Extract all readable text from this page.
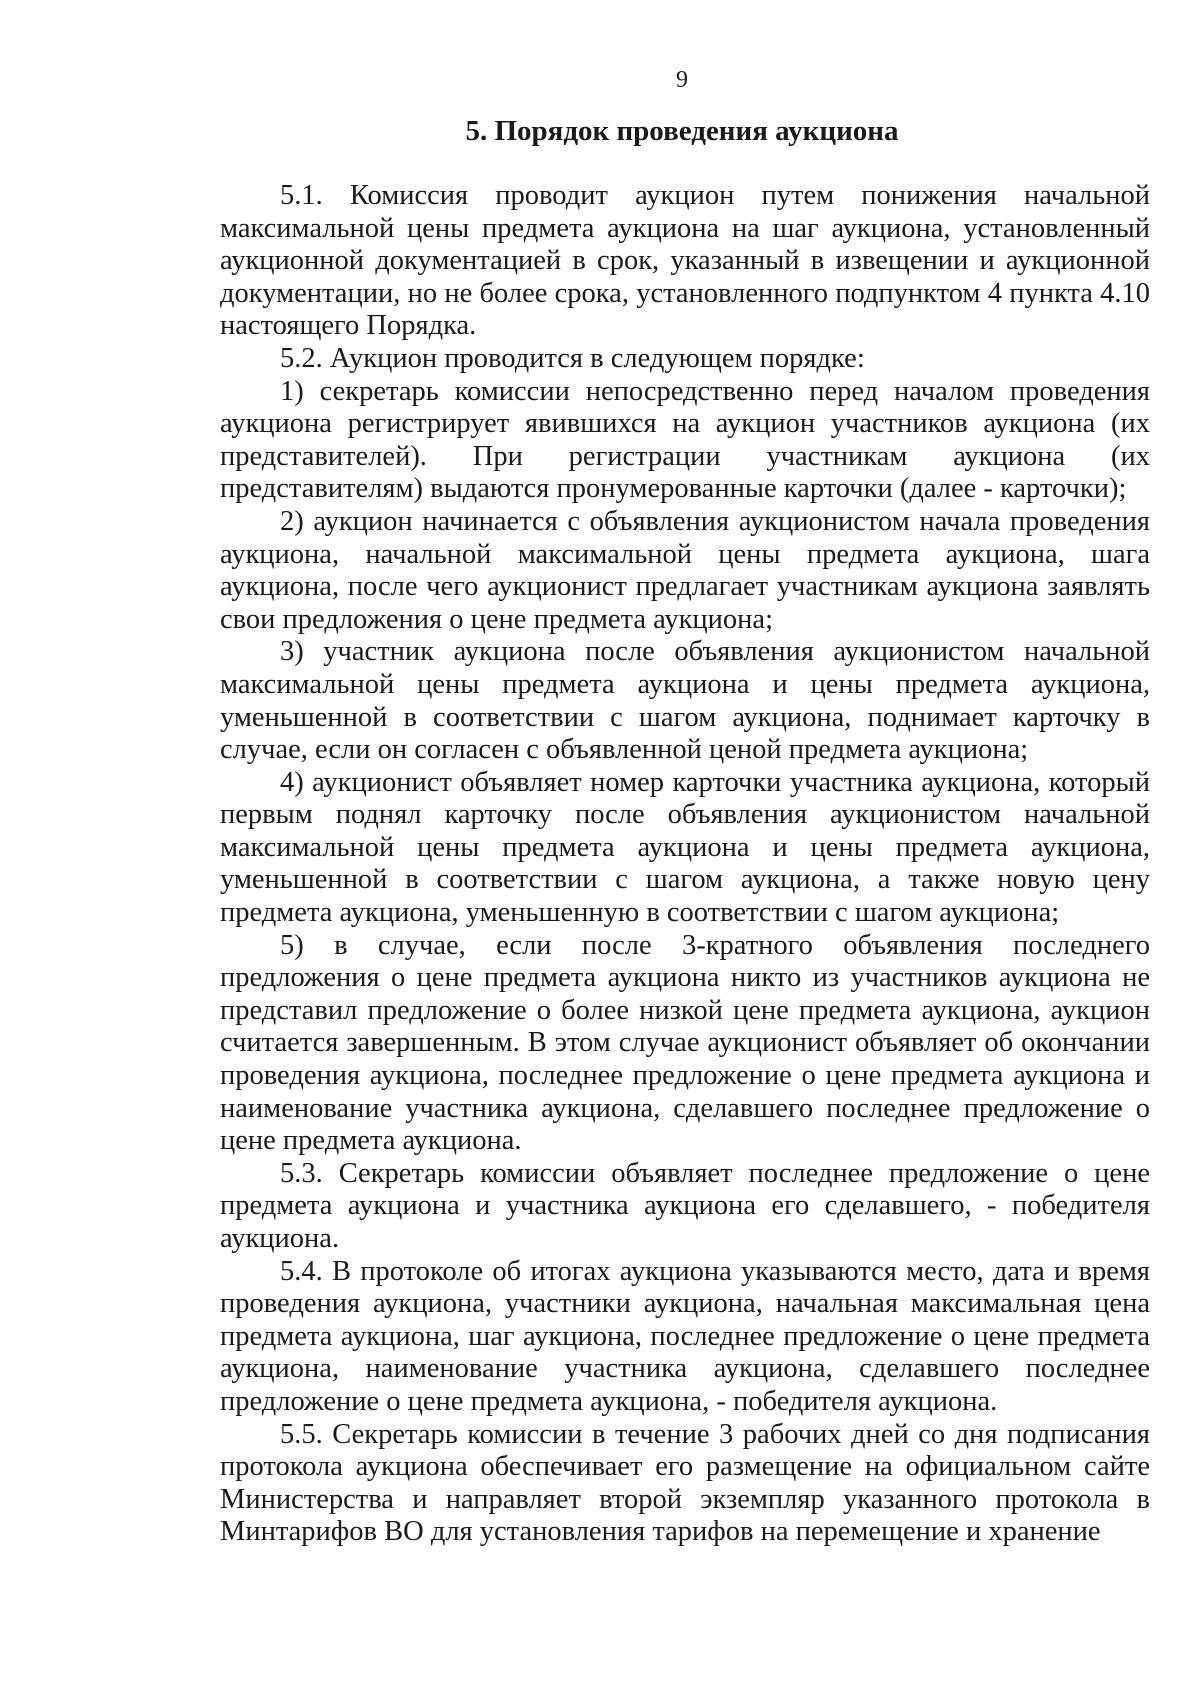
9
5. Порядок проведения аукциона

5.1. Комиссия проводит аукцион путем понижения начальной максимальной цены предмета аукциона на шаг аукциона, установленный аукционной документацией в срок, указанный в извещении и аукционной документации, но не более срока, установленного подпунктом 4 пункта 4.10 настоящего Порядка.

5.2. Аукцион проводится в следующем порядке:

1) секретарь комиссии непосредственно перед началом проведения аукциона регистрирует явившихся на аукцион участников аукциона (их представителей). При регистрации участникам аукциона (их представителям) выдаются пронумерованные карточки (далее - карточки);

2) аукцион начинается с объявления аукционистом начала проведения аукциона, начальной максимальной цены предмета аукциона, шага аукциона, после чего аукционист предлагает участникам аукциона заявлять свои предложения о цене предмета аукциона;

3) участник аукциона после объявления аукционистом начальной максимальной цены предмета аукциона и цены предмета аукциона, уменьшенной в соответствии с шагом аукциона, поднимает карточку в случае, если он согласен с объявленной ценой предмета аукциона;

4) аукционист объявляет номер карточки участника аукциона, который первым поднял карточку после объявления аукционистом начальной максимальной цены предмета аукциона и цены предмета аукциона, уменьшенной в соответствии с шагом аукциона, а также новую цену предмета аукциона, уменьшенную в соответствии с шагом аукциона;

5) в случае, если после 3-кратного объявления последнего предложения о цене предмета аукциона никто из участников аукциона не представил предложение о более низкой цене предмета аукциона, аукцион считается завершенным. В этом случае аукционист объявляет об окончании проведения аукциона, последнее предложение о цене предмета аукциона и наименование участника аукциона, сделавшего последнее предложение о цене предмета аукциона.

5.3. Секретарь комиссии объявляет последнее предложение о цене предмета аукциона и участника аукциона его сделавшего, - победителя аукциона.

5.4. В протоколе об итогах аукциона указываются место, дата и время проведения аукциона, участники аукциона, начальная максимальная цена предмета аукциона, шаг аукциона, последнее предложение о цене предмета аукциона, наименование участника аукциона, сделавшего последнее предложение о цене предмета аукциона, - победителя аукциона.

5.5. Секретарь комиссии в течение 3 рабочих дней со дня подписания протокола аукциона обеспечивает его размещение на официальном сайте Министерства и направляет второй экземпляр указанного протокола в Минтарифов ВО для установления тарифов на перемещение и хранение
